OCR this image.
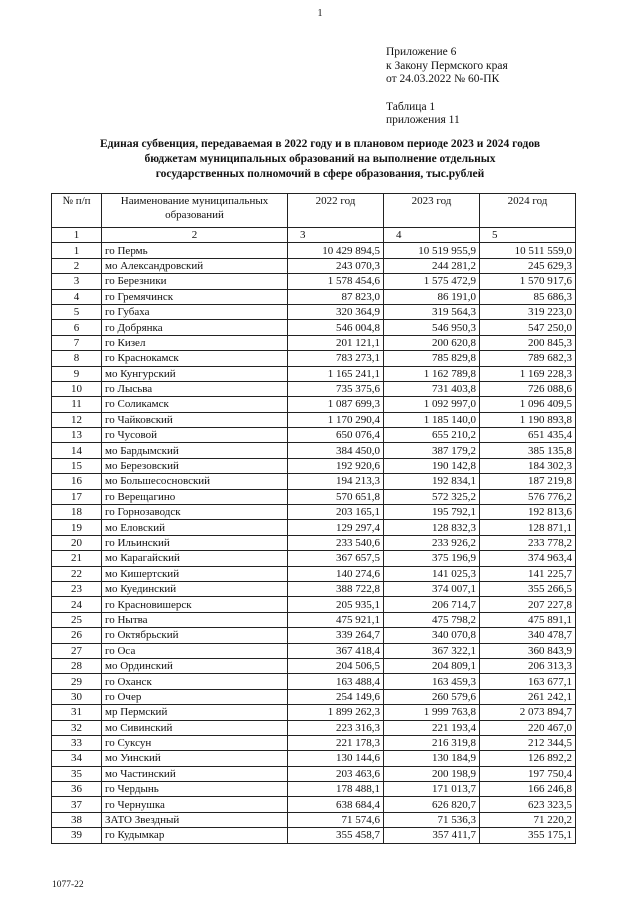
1
Приложение 6
к Закону Пермского края
от 24.03.2022 № 60-ПК
Таблица 1
приложения 11
Единая субвенция, передаваемая в 2022 году и в плановом периоде 2023 и 2024 годов
бюджетам муниципальных образований на выполнение отдельных
государственных полномочий в сфере образования, тыс.рублей
№ п/п	Наименование муниципальных образований	2022 год	2023 год	2024 год
1	2	3	4	5
1	го Пермь	10 429 894,5	10 519 955,9	10 511 559,0
2	мо Александровский	243 070,3	244 281,2	245 629,3
3	го Березники	1 578 454,6	1 575 472,9	1 570 917,6
4	го Гремячинск	87 823,0	86 191,0	85 686,3
5	го Губаха	320 364,9	319 564,3	319 223,0
6	го Добрянка	546 004,8	546 950,3	547 250,0
7	го Кизел	201 121,1	200 620,8	200 845,3
8	го Краснокамск	783 273,1	785 829,8	789 682,3
9	мо Кунгурский	1 165 241,1	1 162 789,8	1 169 228,3
10	го Лысьва	735 375,6	731 403,8	726 088,6
11	го Соликамск	1 087 699,3	1 092 997,0	1 096 409,5
12	го Чайковский	1 170 290,4	1 185 140,0	1 190 893,8
13	го Чусовой	650 076,4	655 210,2	651 435,4
14	мо Бардымский	384 450,0	387 179,2	385 135,8
15	мо Березовский	192 920,6	190 142,8	184 302,3
16	мо Большесосновский	194 213,3	192 834,1	187 219,8
17	го Верещагино	570 651,8	572 325,2	576 776,2
18	го Горнозаводск	203 165,1	195 792,1	192 813,6
19	мо Еловский	129 297,4	128 832,3	128 871,1
20	го Ильинский	233 540,6	233 926,2	233 778,2
21	мо Карагайский	367 657,5	375 196,9	374 963,4
22	мо Кишертский	140 274,6	141 025,3	141 225,7
23	мо Куединский	388 722,8	374 007,1	355 266,5
24	го Красновишерск	205 935,1	206 714,7	207 227,8
25	го Нытва	475 921,1	475 798,2	475 891,1
26	го Октябрьский	339 264,7	340 070,8	340 478,7
27	го Оса	367 418,4	367 322,1	360 843,9
28	мо Ординский	204 506,5	204 809,1	206 313,3
29	го Оханск	163 488,4	163 459,3	163 677,1
30	го Очер	254 149,6	260 579,6	261 242,1
31	мр Пермский	1 899 262,3	1 999 763,8	2 073 894,7
32	мо Сивинский	223 316,3	221 193,4	220 467,0
33	го Суксун	221 178,3	216 319,8	212 344,5
34	мо Уинский	130 144,6	130 184,9	126 892,2
35	мо Частинский	203 463,6	200 198,9	197 750,4
36	го Чердынь	178 488,1	171 013,7	166 246,8
37	го Чернушка	638 684,4	626 820,7	623 323,5
38	ЗАТО Звездный	71 574,6	71 536,3	71 220,2
39	го Кудымкар	355 458,7	357 411,7	355 175,1
1077-22
